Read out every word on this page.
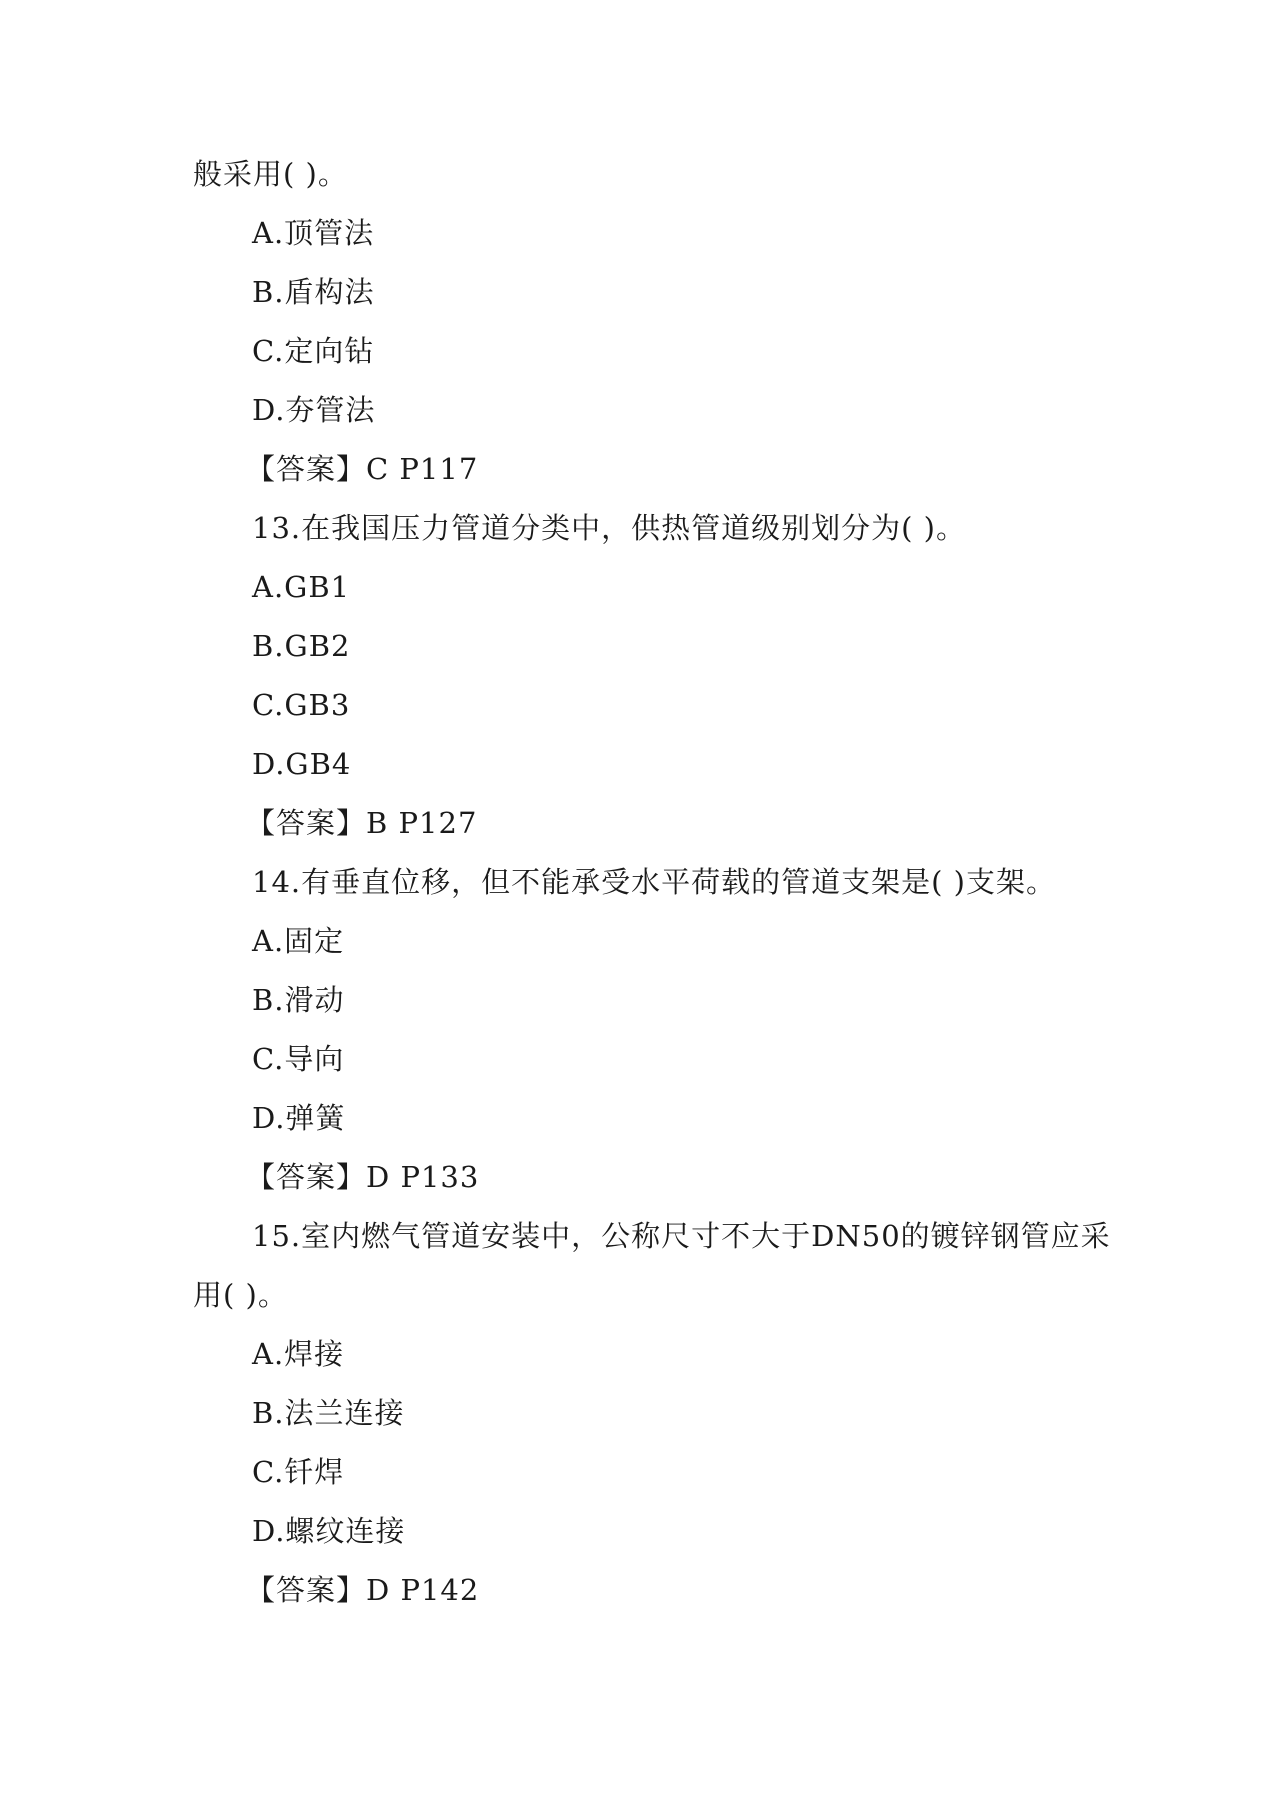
般采用( )。
A.顶管法
B.盾构法
C.定向钻
D.夯管法
【答案】C P117
13.在我国压力管道分类中，供热管道级别划分为( )。
A.GB1
B.GB2
C.GB3
D.GB4
【答案】B P127
14.有垂直位移，但不能承受水平荷载的管道支架是( )支架。
A.固定
B.滑动
C.导向
D.弹簧
【答案】D P133
15.室内燃气管道安装中，公称尺寸不大于DN50的镀锌钢管应采
用( )。
A.焊接
B.法兰连接
C.钎焊
D.螺纹连接
【答案】D P142
